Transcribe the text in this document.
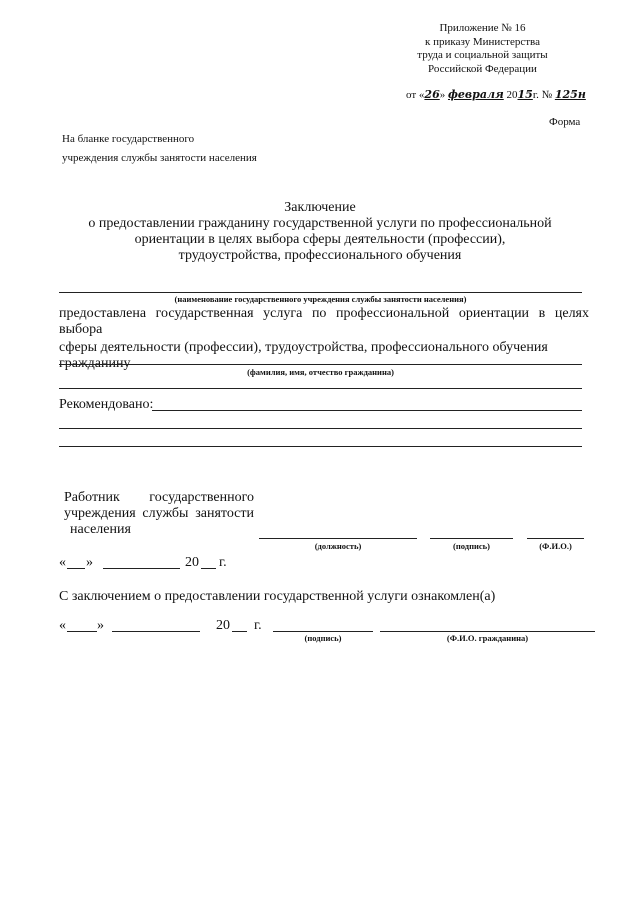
Приложение № 16
к приказу Министерства
труда и социальной защиты
Российской Федерации
от «26» февраля 2015г. № 125н
Форма
На бланке государственного
учреждения службы занятости населения
Заключение
о предоставлении гражданину государственной услуги по профессиональной
ориентации в целях выбора сферы деятельности (профессии),
трудоустройства, профессионального обучения
(наименование государственного учреждения службы занятости населения)
предоставлена государственная услуга по профессиональной ориентации в целях выбора
сферы деятельности (профессии), трудоустройства, профессионального обучения гражданину
(фамилия, имя, отчество гражданина)
Рекомендовано:
Работник государственного
учреждения службы занятости
населения
(должность)	(подпись)	(Ф.И.О.)
« »	20 г.
С заключением о предоставлении государственной услуги ознакомлен(а)
« »	20 г.
(подпись)	(Ф.И.О. гражданина)
